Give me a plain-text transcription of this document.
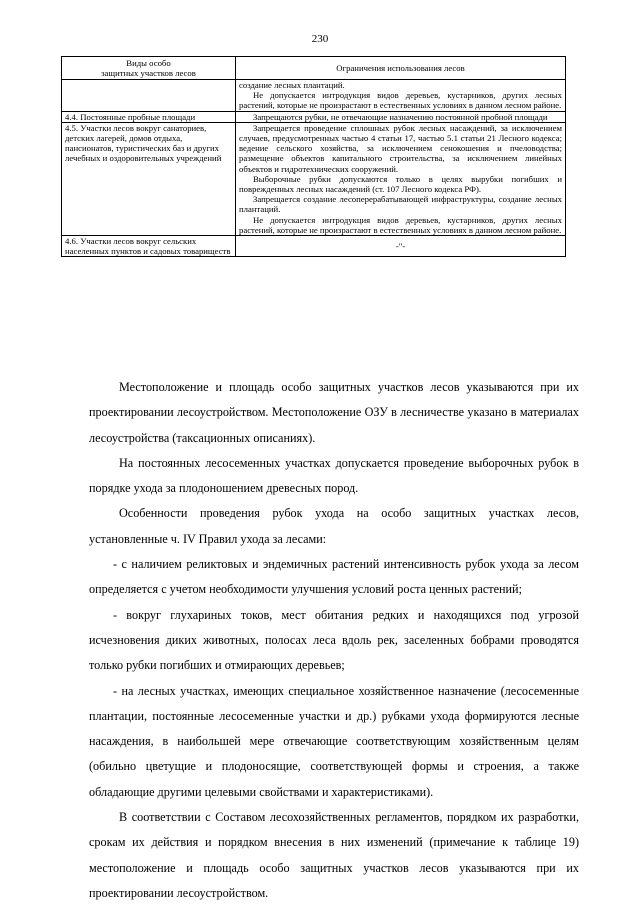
230
Виды особо
защитных участков лесов	Ограничения использования лесов

	создание лесных плантаций.
Не допускается интродукция видов деревьев, кустарников, других лесных растений, которые не произрастают в естественных условиях в данном лесном районе.

4.4. Постоянные пробные площади	Запрещаются рубки, не отвечающие назначению постоянной пробной площади

4.5. Участки лесов вокруг санаториев, детских лагерей, домов отдыха, пансионатов, туристических баз и других лечебных и оздоровительных учреждений	Запрещается проведение сплошных рубок лесных насаждений, за исключением случаев, предусмотренных частью 4 статьи 17, частью 5.1 статьи 21 Лесного кодекса; ведение сельского хозяйства, за исключением сенокошения и пчеловодства; размещение объектов капитального строительства, за исключением линейных объектов и гидротехнических сооружений.
Выборочные рубки допускаются только в целях вырубки погибших и поврежденных лесных насаждений (ст. 107 Лесного кодекса РФ).
Запрещается создание лесоперерабатывающей инфраструктуры, создание лесных плантаций.
Не допускается интродукция видов деревьев, кустарников, других лесных растений, которые не произрастают в естественных условиях в данном лесном районе.

4.6. Участки лесов вокруг сельских населенных пунктов и садовых товариществ	-"-

Местоположение и площадь особо защитных участков лесов указываются при их проектировании лесоустройством. Местоположение ОЗУ в лесничестве указано в материалах лесоустройства (таксационных описаниях).

На постоянных лесосеменных участках допускается проведение выборочных рубок в порядке ухода за плодоношением древесных пород.

Особенности проведения рубок ухода на особо защитных участках лесов, установленные ч. IV Правил ухода за лесами:

- с наличием реликтовых и эндемичных растений интенсивность рубок ухода за лесом определяется с учетом необходимости улучшения условий роста ценных растений;

- вокруг глухариных токов, мест обитания редких и находящихся под угрозой исчезновения диких животных, полосах леса вдоль рек, заселенных бобрами проводятся только рубки погибших и отмирающих деревьев;

- на лесных участках, имеющих специальное хозяйственное назначение (лесосеменные плантации, постоянные лесосеменные участки и др.) рубками ухода формируются лесные насаждения, в наибольшей мере отвечающие соответствующим хозяйственным целям (обильно цветущие и плодоносящие, соответствующей формы и строения, а также обладающие другими целевыми свойствами и характеристиками).

В соответствии с Составом лесохозяйственных регламентов, порядком их разработки, срокам их действия и порядком внесения в них изменений (примечание к таблице 19) местоположение и площадь особо защитных участков лесов указываются при их проектировании лесоустройством.
